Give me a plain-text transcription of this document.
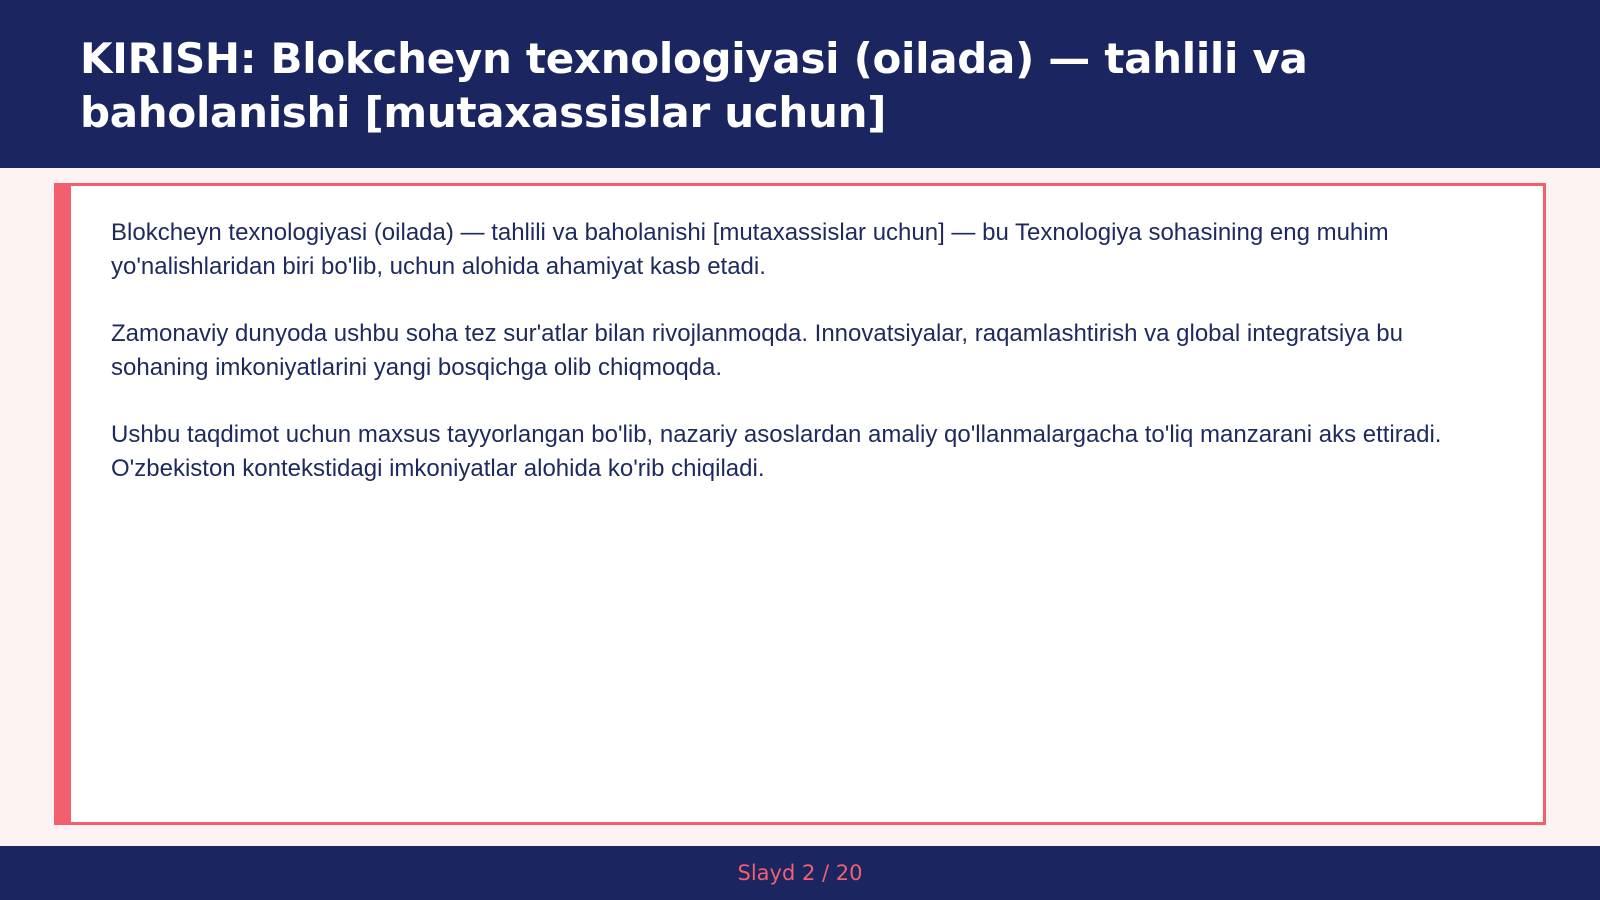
KIRISH: Blokcheyn texnologiyasi (oilada) — tahlili va baholanishi [mutaxassislar uchun]

Blokcheyn texnologiyasi (oilada) — tahlili va baholanishi [mutaxassislar uchun] — bu Texnologiya sohasining eng muhim yo'nalishlaridan biri bo'lib, uchun alohida ahamiyat kasb etadi.

Zamonaviy dunyoda ushbu soha tez sur'atlar bilan rivojlanmoqda. Innovatsiyalar, raqamlashtirish va global integratsiya bu sohaning imkoniyatlarini yangi bosqichga olib chiqmoqda.

Ushbu taqdimot uchun maxsus tayyorlangan bo'lib, nazariy asoslardan amaliy qo'llanmalargacha to'liq manzarani aks ettiradi. O'zbekiston kontekstidagi imkoniyatlar alohida ko'rib chiqiladi.

Slayd 2 / 20
